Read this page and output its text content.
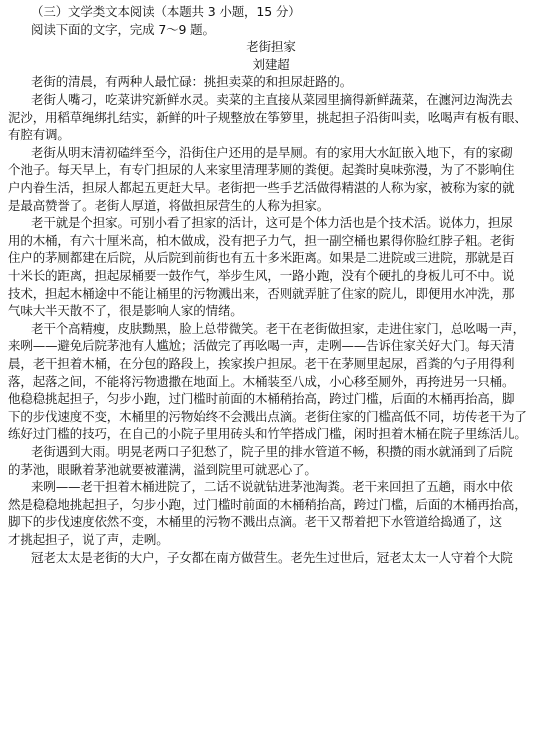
（三）文学类文本阅读（本题共 3 小题，15 分）
阅读下面的文字，完成 7～9 题。
老街担家
刘建超
老街的清晨，有两种人最忙碌：挑担卖菜的和担尿赶路的。
老街人嘴刁，吃菜讲究新鲜水灵。卖菜的主直接从菜园里摘得新鲜蔬菜，在瀍河边淘洗去
泥沙，用稻草绳绑扎结实，新鲜的叶子规整放在筝箩里，挑起担子沿街叫卖，吆喝声有板有眼、
有腔有调。
老街从明末清初磕绊至今，沿街住户还用的是旱厕。有的家用大水缸嵌入地下，有的家砌
个池子。每天早上，有专门担尿的人来家里清理茅厕的粪便。起粪时臭味弥漫，为了不影响住
户内眷生活，担尿人都起五更赶大早。老街把一些手艺活做得精湛的人称为家，被称为家的就
是最高赞誉了。老街人厚道，将做担尿营生的人称为担家。
老干就是个担家。可别小看了担家的活计，这可是个体力活也是个技术活。说体力，担尿
用的木桶，有六十厘米高，柏木做成，没有把子力气，担一副空桶也累得你脸红脖子粗。老街
住户的茅厕都建在后院，从后院到前街也有五十多米距离。如果是二进院或三进院，那就是百
十米长的距离，担起尿桶要一鼓作气，举步生风，一路小跑，没有个硬扎的身板儿可不中。说
技术，担起木桶途中不能让桶里的污物溅出来，否则就弄脏了住家的院儿，即便用水冲洗，那
气味大半天散不了，很是影响人家的情绪。
老干个高精瘦，皮肤黝黑，脸上总带微笑。老干在老街做担家，走进住家门，总吆喝一声，
来咧——避免后院茅池有人尴尬；活做完了再吆喝一声，走咧——告诉住家关好大门。每天清
晨，老干担着木桶，在分包的路段上，挨家挨户担尿。老干在茅厕里起尿，舀粪的勺子用得利
落，起落之间，不能将污物遗撒在地面上。木桶装至八成，小心移至厕外，再挎进另一只桶。
他稳稳挑起担子，匀步小跑，过门槛时前面的木桶稍抬高，跨过门槛，后面的木桶再抬高，脚
下的步伐速度不变，木桶里的污物始终不会溅出点滴。老街住家的门槛高低不同，坊传老干为了
练好过门槛的技巧，在自己的小院子里用砖头和竹竿搭成门槛，闲时担着木桶在院子里练活儿。
老街遇到大雨。明晃老两口子犯愁了，院子里的排水管道不畅，积攒的雨水就涌到了后院
的茅池，眼瞅着茅池就要被灌满，溢到院里可就恶心了。
来咧——老干担着木桶进院了，二话不说就钻进茅池淘粪。老干来回担了五趟，雨水中依
然是稳稳地挑起担子，匀步小跑，过门槛时前面的木桶稍抬高，跨过门槛，后面的木桶再抬高，
脚下的步伐速度依然不变，木桶里的污物不溅出点滴。老干又帮着把下水管道给捣通了，这
才挑起担子，说了声，走咧。
冠老太太是老街的大户，子女都在南方做营生。老先生过世后，冠老太太一人守着个大院
